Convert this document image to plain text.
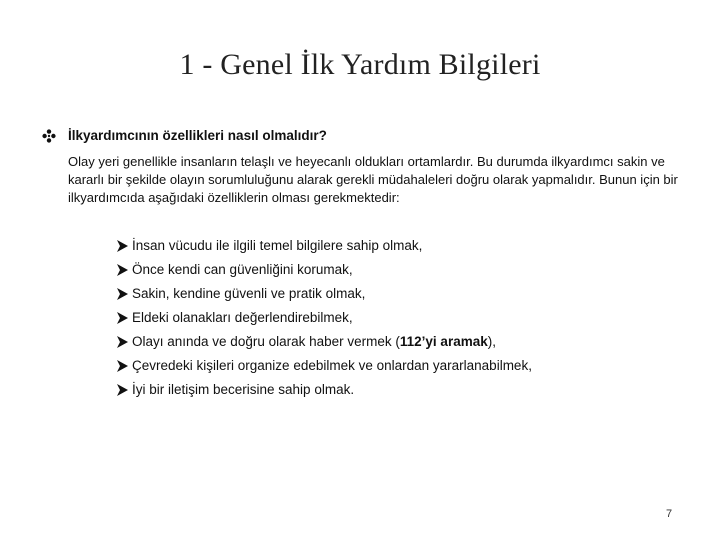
1 - Genel İlk Yardım Bilgileri
İlkyardımcının özellikleri nasıl olmalıdır?

Olay yeri genellikle insanların telaşlı ve heyecanlı oldukları ortamlardır. Bu durumda ilkyardımcı sakin ve kararlı bir şekilde olayın sorumluluğunu alarak gerekli müdahaleleri doğru olarak yapmalıdır. Bunun için bir ilkyardımcıda aşağıdaki özelliklerin olması gerekmektedir:

İnsan vücudu ile ilgili temel bilgilere sahip olmak,
Önce kendi can güvenliğini korumak,
Sakin, kendine güvenli ve pratik olmak,
Eldeki olanakları değerlendirebilmek,
Olayı anında ve doğru olarak haber vermek (112’yi aramak),
Çevredeki kişileri organize edebilmek ve onlardan yararlanabilmek,
İyi bir iletişim becerisine sahip olmak.
7
